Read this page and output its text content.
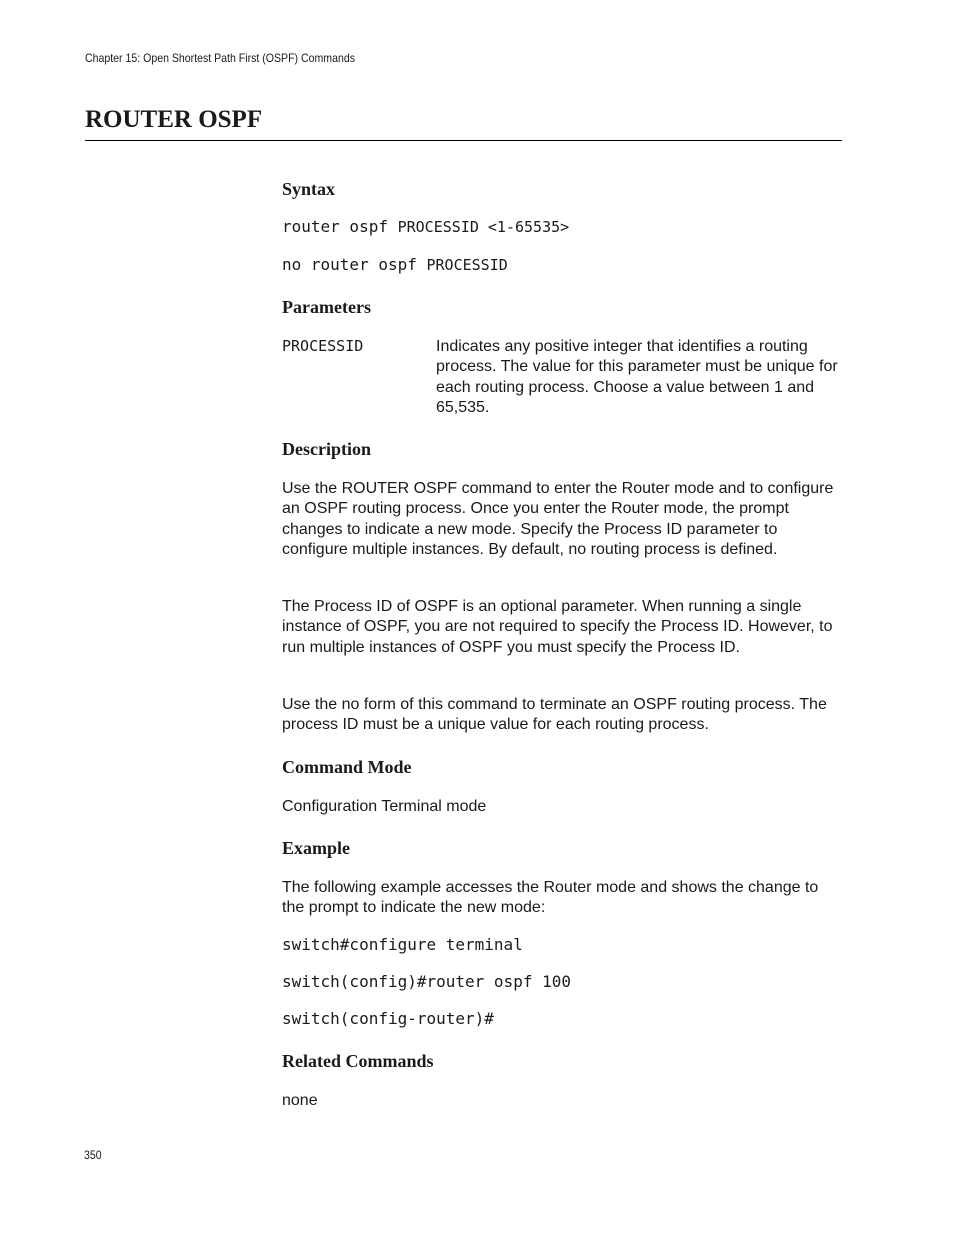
Chapter 15: Open Shortest Path First (OSPF) Commands
ROUTER OSPF
Syntax
router ospf PROCESSID <1-65535>
no router ospf PROCESSID
Parameters
PROCESSID	Indicates any positive integer that identifies a routing process. The value for this parameter must be unique for each routing process. Choose a value between 1 and 65,535.

Description

Use the ROUTER OSPF command to enter the Router mode and to configure an OSPF routing process. Once you enter the Router mode, the prompt changes to indicate a new mode. Specify the Process ID parameter to configure multiple instances. By default, no routing process is defined.

The Process ID of OSPF is an optional parameter. When running a single instance of OSPF, you are not required to specify the Process ID. However, to run multiple instances of OSPF you must specify the Process ID.

Use the no form of this command to terminate an OSPF routing process. The process ID must be a unique value for each routing process.

Command Mode

Configuration Terminal mode

Example

The following example accesses the Router mode and shows the change to the prompt to indicate the new mode:

switch#configure terminal
switch(config)#router ospf 100
switch(config-router)#
Related Commands

none

350
